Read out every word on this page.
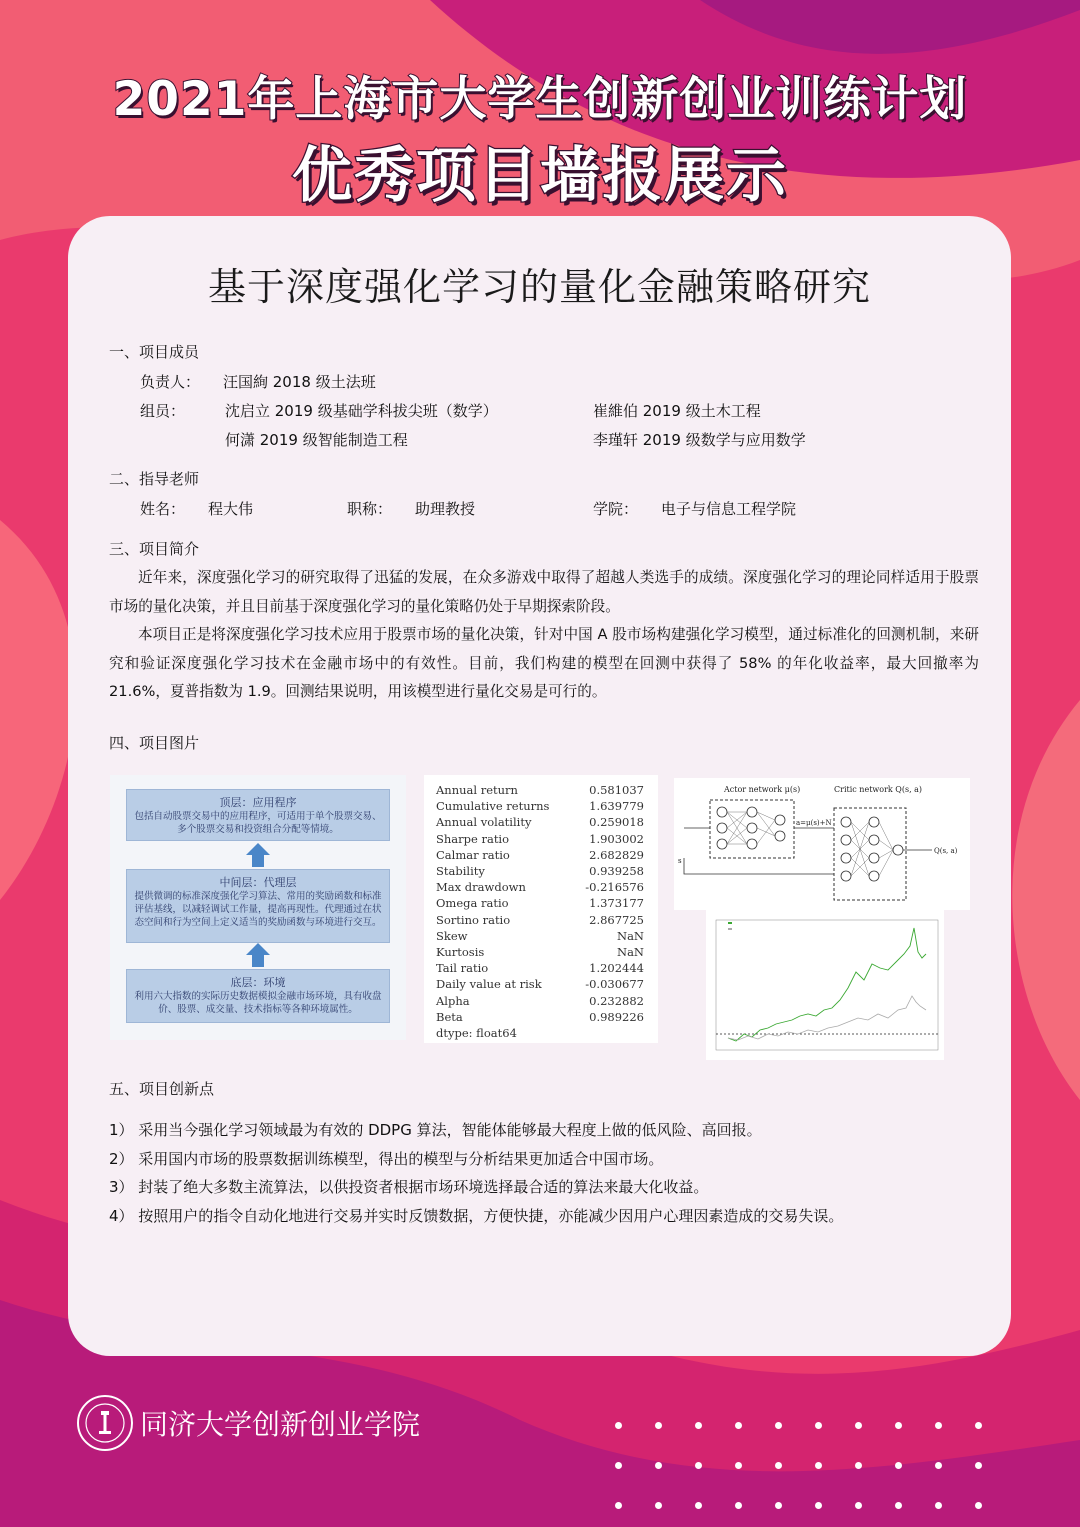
2021年上海市大学生创新创业训练计划
优秀项目墙报展示
基于深度强化学习的量化金融策略研究
一、项目成员
负责人： 汪国絢 2018 级土法班
组员：	沈启立 2019 级基础学科拔尖班（数学）	崔維伯 2019 级土木工程
何潇 2019 级智能制造工程	李瑾轩 2019 级数学与应用数学
二、指导老师
姓名： 程大伟	职称： 助理教授	学院： 电子与信息工程学院
三、项目简介

近年来，深度强化学习的研究取得了迅猛的发展，在众多游戏中取得了超越人类选手的成绩。深度强化学习的理论同样适用于股票市场的量化决策，并且目前基于深度强化学习的量化策略仍处于早期探索阶段。

本项目正是将深度强化学习技术应用于股票市场的量化决策，针对中国 A 股市场构建强化学习模型，通过标准化的回测机制，来研究和验证深度强化学习技术在金融市场中的有效性。目前，我们构建的模型在回测中获得了 58% 的年化收益率，最大回撤率为 21.6%，夏普指数为 1.9。回测结果说明，用该模型进行量化交易是可行的。

四、项目图片
顶层：应用程序
包括自动股票交易中的应用程序，可适用于单个股票交易、多个股票交易和投资组合分配等情境。
中间层：代理层
提供微调的标准深度强化学习算法、常用的奖励函数和标准评估基线，以减轻调试工作量，提高再现性。代理通过在状态空间和行为空间上定义适当的奖励函数与环境进行交互。
底层：环境
利用六大指数的实际历史数据模拟金融市场环境，具有收盘价、股票、成交量、技术指标等各种环境属性。
Annual return	0.581037
Cumulative returns	1.639779
Annual volatility	0.259018
Sharpe ratio	1.903002
Calmar ratio	2.682829
Stability	0.939258
Max drawdown	-0.216576
Omega ratio	1.373177
Sortino ratio	2.867725
Skew	NaN
Kurtosis	NaN
Tail ratio	1.202444
Daily value at risk	-0.030677
Alpha	0.232882
Beta	0.989226
dtype: float64
Actor network μ(s)	Critic network Q(s, a)
a=μ(s)+N
s
Q(s, a)
五、项目创新点
1） 采用当今强化学习领域最为有效的 DDPG 算法，智能体能够最大程度上做的低风险、高回报。
2） 采用国内市场的股票数据训练模型，得出的模型与分析结果更加适合中国市场。
3） 封装了绝大多数主流算法，以供投资者根据市场环境选择最合适的算法来最大化收益。
4） 按照用户的指令自动化地进行交易并实时反馈数据，方便快捷，亦能减少因用户心理因素造成的交易失误。
同济大学创新创业学院
